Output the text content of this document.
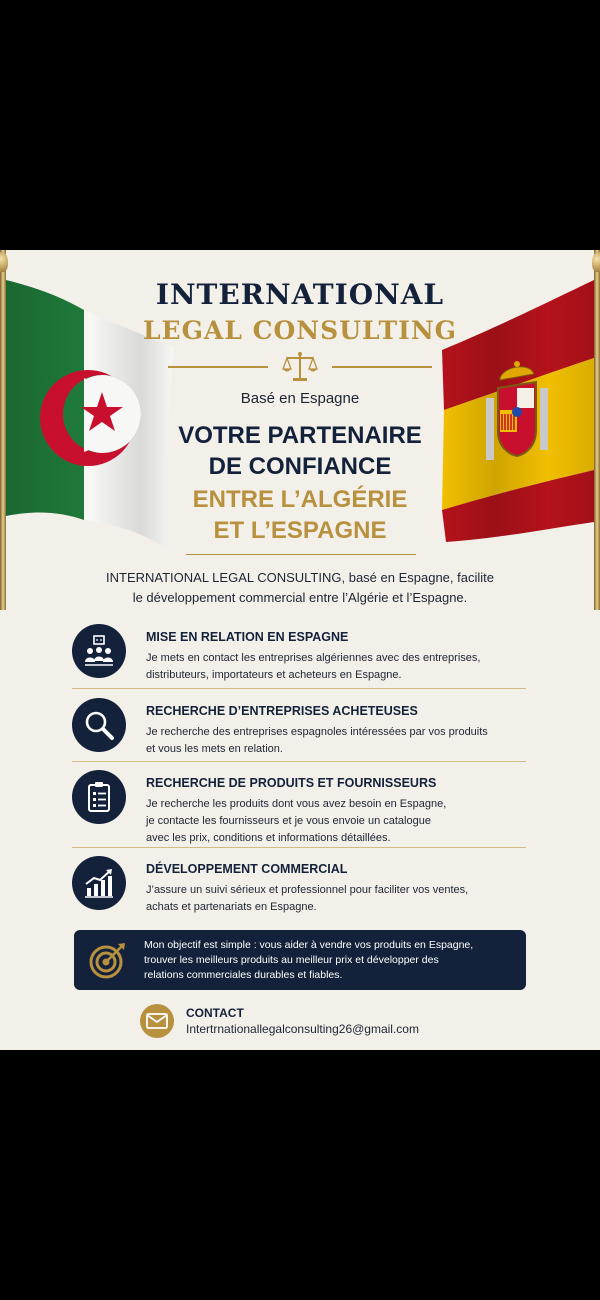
INTERNATIONAL
LEGAL CONSULTING
Basé en Espagne
VOTRE PARTENAIRE
DE CONFIANCE
ENTRE L’ALGÉRIE
ET L’ESPAGNE
INTERNATIONAL LEGAL CONSULTING, basé en Espagne, facilite
le développement commercial entre l’Algérie et l’Espagne.
MISE EN RELATION EN ESPAGNE
Je mets en contact les entreprises algériennes avec des entreprises,
distributeurs, importateurs et acheteurs en Espagne.
RECHERCHE D’ENTREPRISES ACHETEUSES
Je recherche des entreprises espagnoles intéressées par vos produits
et vous les mets en relation.
RECHERCHE DE PRODUITS ET FOURNISSEURS
Je recherche les produits dont vous avez besoin en Espagne,
je contacte les fournisseurs et je vous envoie un catalogue
avec les prix, conditions et informations détaillées.
DÉVELOPPEMENT COMMERCIAL
J’assure un suivi sérieux et professionnel pour faciliter vos ventes,
achats et partenariats en Espagne.
Mon objectif est simple : vous aider à vendre vos produits en Espagne,
trouver les meilleurs produits au meilleur prix et développer des
relations commerciales durables et fiables.
CONTACT
Intertrnationallegalconsulting26@gmail.com
